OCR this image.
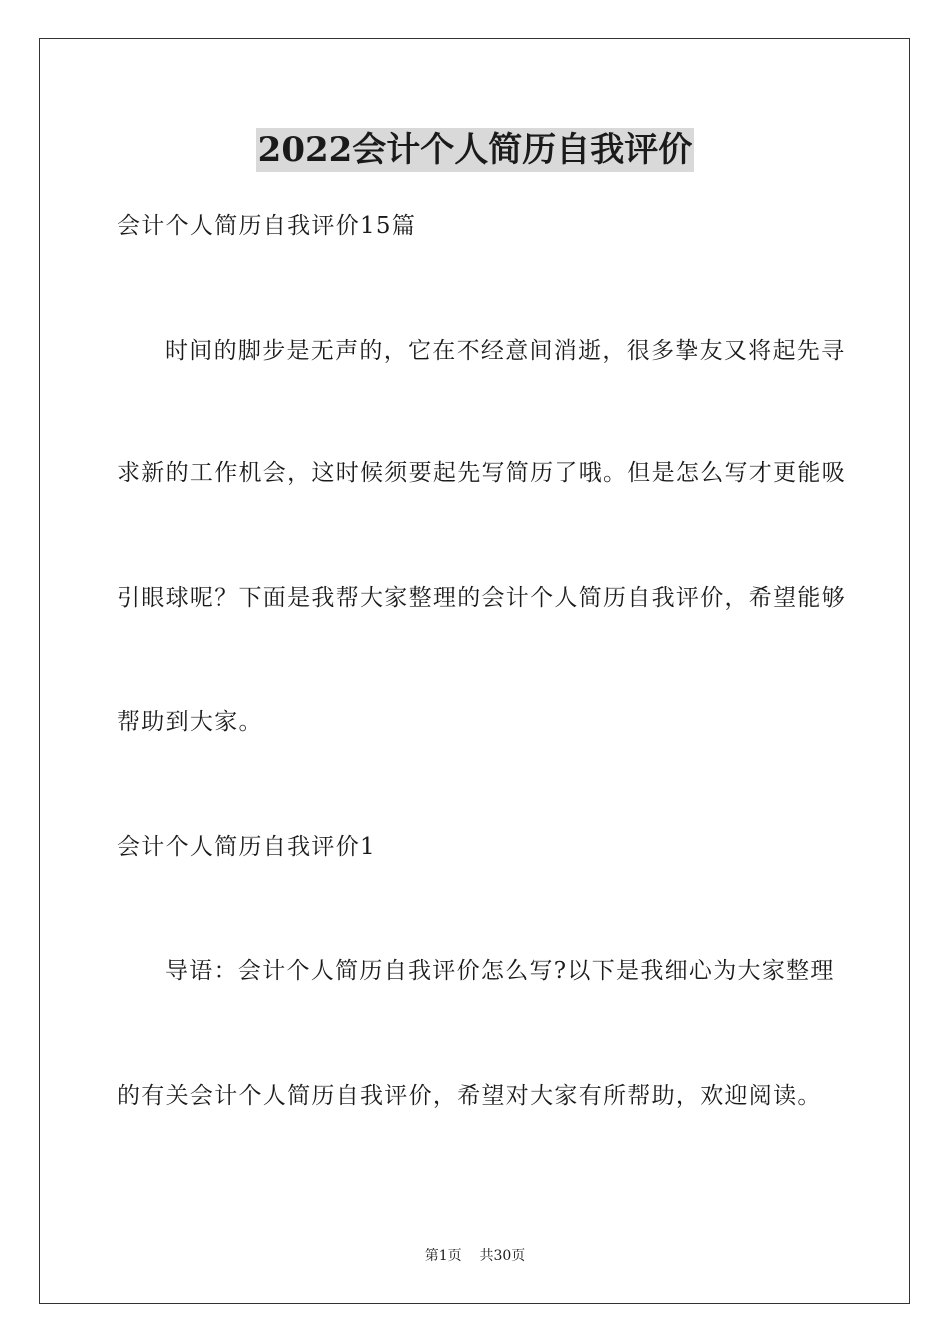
2022会计个人简历自我评价
会计个人简历自我评价15篇
时间的脚步是无声的，它在不经意间消逝，很多挚友又将起先寻
求新的工作机会，这时候须要起先写简历了哦。但是怎么写才更能吸
引眼球呢？下面是我帮大家整理的会计个人简历自我评价，希望能够
帮助到大家。
会计个人简历自我评价1
导语：会计个人简历自我评价怎么写?以下是我细心为大家整理
的有关会计个人简历自我评价，希望对大家有所帮助，欢迎阅读。
第1页 共30页
